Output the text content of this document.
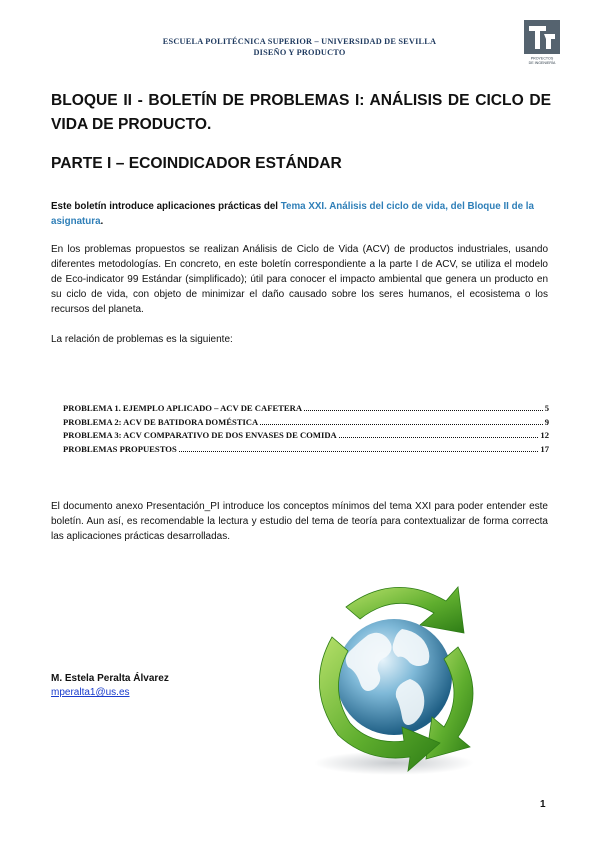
ESCUELA POLITÉCNICA SUPERIOR – UNIVERSIDAD DE SEVILLA
DISEÑO Y PRODUCTO
PROYECTOS
DE INGENIERÍA
BLOQUE II - BOLETÍN DE PROBLEMAS I: ANÁLISIS DE CICLO DE VIDA DE PRODUCTO.
PARTE I – ECOINDICADOR ESTÁNDAR
Este boletín introduce aplicaciones prácticas del Tema XXI. Análisis del ciclo de vida, del Bloque II de la asignatura.
En los problemas propuestos se realizan Análisis de Ciclo de Vida (ACV) de productos industriales, usando diferentes metodologías. En concreto, en este boletín correspondiente a la parte I de ACV, se utiliza el modelo de Eco-indicator 99 Estándar (simplificado); útil para conocer el impacto ambiental que genera un producto en su ciclo de vida, con objeto de minimizar el daño causado sobre los seres humanos, el ecosistema o los recursos del planeta.
La relación de problemas es la siguiente:
PROBLEMA 1. EJEMPLO APLICADO – ACV DE CAFETERA	5
PROBLEMA 2: ACV DE BATIDORA DOMÉSTICA	9
PROBLEMA 3: ACV COMPARATIVO DE DOS ENVASES DE COMIDA	12
PROBLEMAS PROPUESTOS	17
El documento anexo Presentación_PI introduce los conceptos mínimos del tema XXI para poder entender este boletín. Aun así, es recomendable la lectura y estudio del tema de teoría para contextualizar de forma correcta las aplicaciones prácticas desarrolladas.
M. Estela Peralta Álvarez
mperalta1@us.es
1
